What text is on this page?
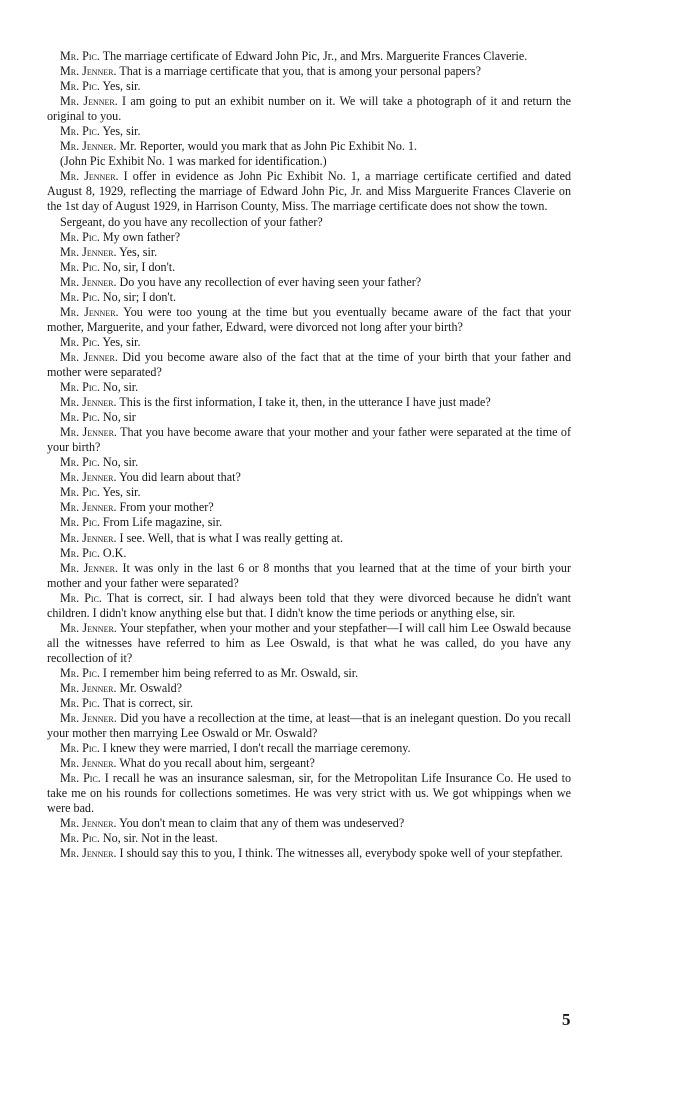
Mr. Pic. The marriage certificate of Edward John Pic, Jr., and Mrs. Marguerite Frances Claverie.

Mr. Jenner. That is a marriage certificate that you, that is among your personal papers?

Mr. Pic. Yes, sir.

Mr. Jenner. I am going to put an exhibit number on it. We will take a photograph of it and return the original to you.

Mr. Pic. Yes, sir.

Mr. Jenner. Mr. Reporter, would you mark that as John Pic Exhibit No. 1.

(John Pic Exhibit No. 1 was marked for identification.)

Mr. Jenner. I offer in evidence as John Pic Exhibit No. 1, a marriage certificate certified and dated August 8, 1929, reflecting the marriage of Edward John Pic, Jr. and Miss Marguerite Frances Claverie on the 1st day of August 1929, in Harrison County, Miss. The marriage certificate does not show the town.

Sergeant, do you have any recollection of your father?

Mr. Pic. My own father?

Mr. Jenner. Yes, sir.

Mr. Pic. No, sir, I don't.

Mr. Jenner. Do you have any recollection of ever having seen your father?

Mr. Pic. No, sir; I don't.

Mr. Jenner. You were too young at the time but you eventually became aware of the fact that your mother, Marguerite, and your father, Edward, were divorced not long after your birth?

Mr. Pic. Yes, sir.

Mr. Jenner. Did you become aware also of the fact that at the time of your birth that your father and mother were separated?

Mr. Pic. No, sir.

Mr. Jenner. This is the first information, I take it, then, in the utterance I have just made?

Mr. Pic. No, sir

Mr. Jenner. That you have become aware that your mother and your father were separated at the time of your birth?

Mr. Pic. No, sir.

Mr. Jenner. You did learn about that?

Mr. Pic. Yes, sir.

Mr. Jenner. From your mother?

Mr. Pic. From Life magazine, sir.

Mr. Jenner. I see. Well, that is what I was really getting at.

Mr. Pic. O.K.

Mr. Jenner. It was only in the last 6 or 8 months that you learned that at the time of your birth your mother and your father were separated?

Mr. Pic. That is correct, sir. I had always been told that they were divorced because he didn't want children. I didn't know anything else but that. I didn't know the time periods or anything else, sir.

Mr. Jenner. Your stepfather, when your mother and your stepfather—I will call him Lee Oswald because all the witnesses have referred to him as Lee Oswald, is that what he was called, do you have any recollection of it?

Mr. Pic. I remember him being referred to as Mr. Oswald, sir.

Mr. Jenner. Mr. Oswald?

Mr. Pic. That is correct, sir.

Mr. Jenner. Did you have a recollection at the time, at least—that is an inelegant question. Do you recall your mother then marrying Lee Oswald or Mr. Oswald?

Mr. Pic. I knew they were married, I don't recall the marriage ceremony.

Mr. Jenner. What do you recall about him, sergeant?

Mr. Pic. I recall he was an insurance salesman, sir, for the Metropolitan Life Insurance Co. He used to take me on his rounds for collections sometimes. He was very strict with us. We got whippings when we were bad.

Mr. Jenner. You don't mean to claim that any of them was undeserved?

Mr. Pic. No, sir. Not in the least.

Mr. Jenner. I should say this to you, I think. The witnesses all, everybody spoke well of your stepfather.

5
